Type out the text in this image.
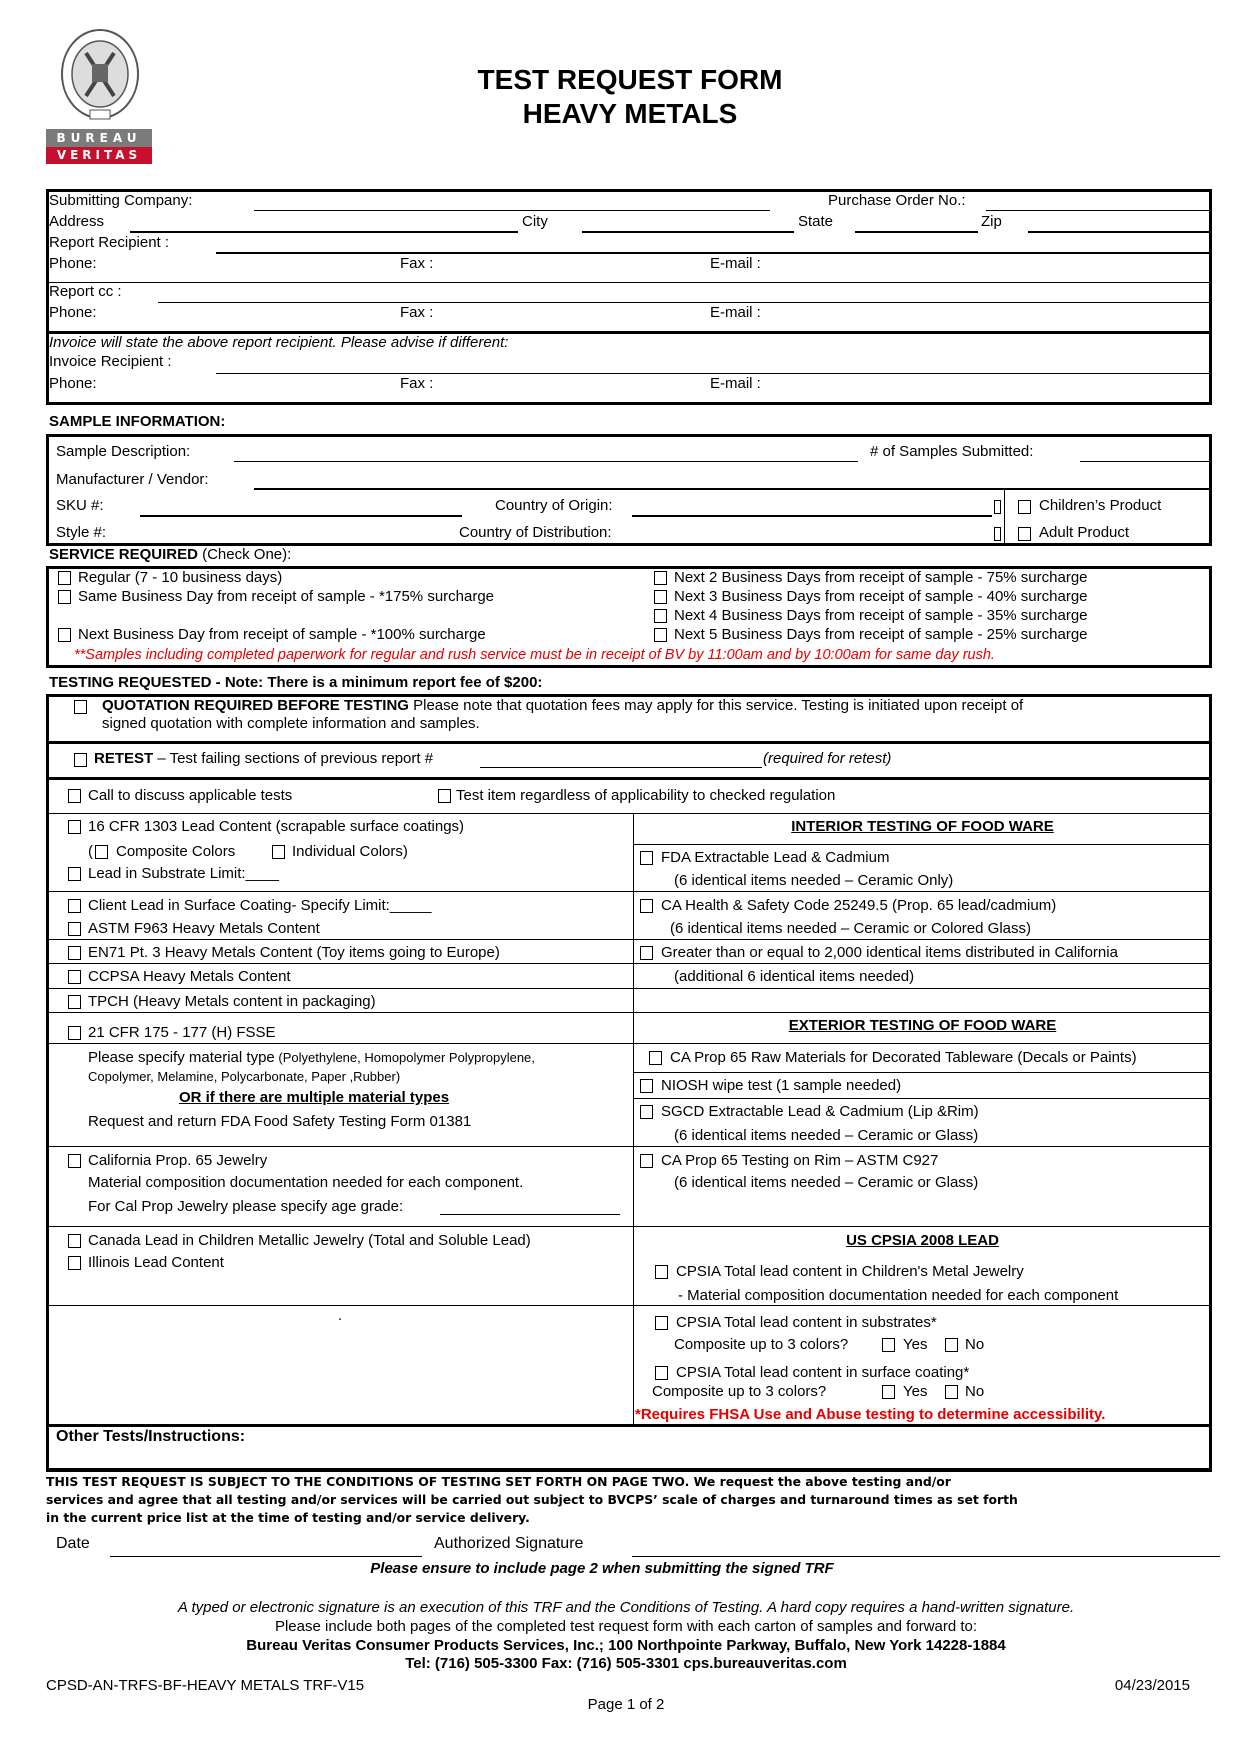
BUREAU
VERITAS
TEST REQUEST FORM
HEAVY METALS
Submitting Company:	Purchase Order No.:
Address	City	State	Zip
Report Recipient :
Phone:	Fax :	E-mail :
Report cc :
Phone:	Fax :	E-mail :
Invoice will state the above report recipient. Please advise if different:
Invoice Recipient :
Phone:	Fax :	E-mail :
SAMPLE INFORMATION:
Sample Description:	# of Samples Submitted:
Manufacturer / Vendor:
SKU #:	Country of Origin:
Style #:	Country of Distribution:
Children’s Product
Adult Product
SERVICE REQUIRED (Check One):
Regular (7 - 10 business days)
Same Business Day from receipt of sample - *175% surcharge
Next Business Day from receipt of sample - *100% surcharge
Next 2 Business Days from receipt of sample - 75% surcharge
Next 3 Business Days from receipt of sample - 40% surcharge
Next 4 Business Days from receipt of sample - 35% surcharge
Next 5 Business Days from receipt of sample - 25% surcharge
**Samples including completed paperwork for regular and rush service must be in receipt of BV by 11:00am and by 10:00am for same day rush.
TESTING REQUESTED - Note: There is a minimum report fee of $200:
QUOTATION REQUIRED BEFORE TESTING Please note that quotation fees may apply for this service. Testing is initiated upon receipt of
signed quotation with complete information and samples.
RETEST – Test failing sections of previous report #	(required for retest)
Call to discuss applicable tests	Test item regardless of applicability to checked regulation
16 CFR 1303 Lead Content (scrapable surface coatings)
( Composite Colors	Individual Colors)
Lead in Substrate Limit:____
Client Lead in Surface Coating- Specify Limit:_____
ASTM F963 Heavy Metals Content
EN71 Pt. 3 Heavy Metals Content (Toy items going to Europe)
CCPSA Heavy Metals Content
TPCH (Heavy Metals content in packaging)
21 CFR 175 - 177 (H) FSSE
Please specify material type (Polyethylene, Homopolymer Polypropylene,
Copolymer, Melamine, Polycarbonate, Paper ,Rubber)
OR if there are multiple material types
Request and return FDA Food Safety Testing Form 01381
California Prop. 65 Jewelry
Material composition documentation needed for each component.
For Cal Prop Jewelry please specify age grade:
Canada Lead in Children Metallic Jewelry (Total and Soluble Lead)
Illinois Lead Content
.
INTERIOR TESTING OF FOOD WARE
FDA Extractable Lead & Cadmium
(6 identical items needed – Ceramic Only)
CA Health & Safety Code 25249.5 (Prop. 65 lead/cadmium)
(6 identical items needed – Ceramic or Colored Glass)
Greater than or equal to 2,000 identical items distributed in California
(additional 6 identical items needed)
EXTERIOR TESTING OF FOOD WARE
CA Prop 65 Raw Materials for Decorated Tableware (Decals or Paints)
NIOSH wipe test (1 sample needed)
SGCD Extractable Lead & Cadmium (Lip &Rim)
(6 identical items needed – Ceramic or Glass)
CA Prop 65 Testing on Rim – ASTM C927
(6 identical items needed – Ceramic or Glass)
US CPSIA 2008 LEAD
CPSIA Total lead content in Children's Metal Jewelry
- Material composition documentation needed for each component
CPSIA Total lead content in substrates*
Composite up to 3 colors?	Yes	No
CPSIA Total lead content in surface coating*
Composite up to 3 colors?	Yes	No
*Requires FHSA Use and Abuse testing to determine accessibility.
Other Tests/Instructions:
THIS TEST REQUEST IS SUBJECT TO THE CONDITIONS OF TESTING SET FORTH ON PAGE TWO. We request the above testing and/or
services and agree that all testing and/or services will be carried out subject to BVCPS’ scale of charges and turnaround times as set forth
in the current price list at the time of testing and/or service delivery.
Date	Authorized Signature
Please ensure to include page 2 when submitting the signed TRF
A typed or electronic signature is an execution of this TRF and the Conditions of Testing. A hard copy requires a hand-written signature.
Please include both pages of the completed test request form with each carton of samples and forward to:
Bureau Veritas Consumer Products Services, Inc.; 100 Northpointe Parkway, Buffalo, New York 14228-1884
Tel: (716) 505-3300 Fax: (716) 505-3301 cps.bureauveritas.com
CPSD-AN-TRFS-BF-HEAVY METALS TRF-V15	04/23/2015
Page 1 of 2
